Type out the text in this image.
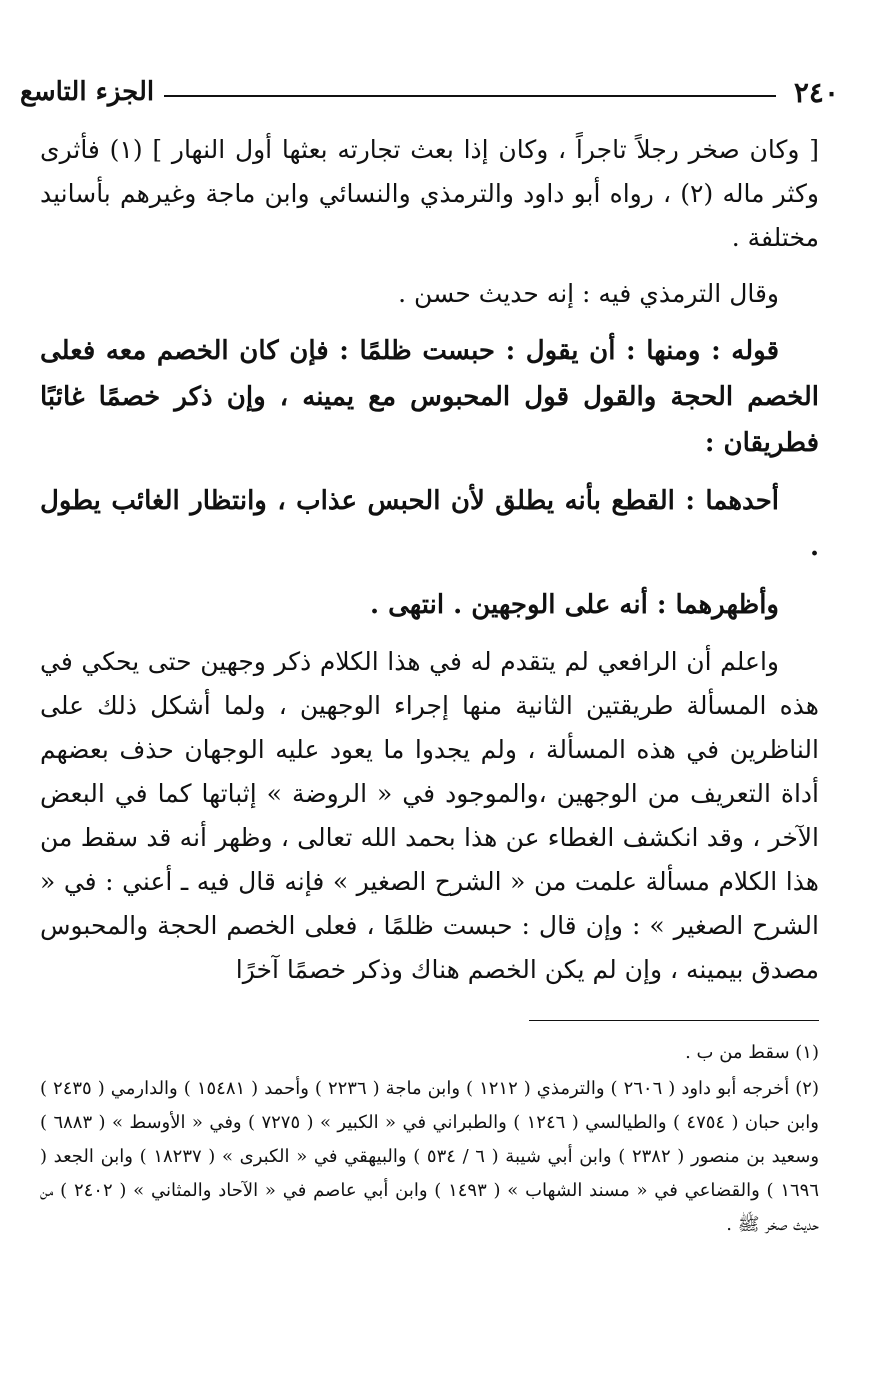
٢٤٠
الجزء التاسع

[ وكان صخر رجلاً تاجراً ، وكان إذا بعث تجارته بعثها أول النهار ] (١) فأثرى وكثر ماله (٢) ، رواه أبو داود والترمذي والنسائي وابن ماجة وغيرهم بأسانيد مختلفة .

وقال الترمذي فيه : إنه حديث حسن .

قوله : ومنها : أن يقول : حبست ظلمًا : فإن كان الخصم معه فعلى الخصم الحجة والقول قول المحبوس مع يمينه ، وإن ذكر خصمًا غائبًا فطريقان :

أحدهما : القطع بأنه يطلق لأن الحبس عذاب ، وانتظار الغائب يطول .

وأظهرهما : أنه على الوجهين . انتهى .

واعلم أن الرافعي لم يتقدم له في هذا الكلام ذكر وجهين حتى يحكي في هذه المسألة طريقتين الثانية منها إجراء الوجهين ، ولما أشكل ذلك على الناظرين في هذه المسألة ، ولم يجدوا ما يعود عليه الوجهان حذف بعضهم أداة التعريف من الوجهين ،والموجود في « الروضة » إثباتها كما في البعض الآخر ، وقد انكشف الغطاء عن هذا بحمد الله تعالى ، وظهر أنه قد سقط من هذا الكلام مسألة علمت من « الشرح الصغير » فإنه قال فيه ـ أعني : في « الشرح الصغير » : وإن قال : حبست ظلمًا ، فعلى الخصم الحجة والمحبوس مصدق بيمينه ، وإن لم يكن الخصم هناك وذكر خصمًا آخرًا

(١) سقط من ب .

(٢) أخرجه أبو داود ( ٢٦٠٦ ) والترمذي ( ١٢١٢ ) وابن ماجة ( ٢٢٣٦ ) وأحمد ( ١٥٤٨١ ) والدارمي ( ٢٤٣٥ ) وابن حبان ( ٤٧٥٤ ) والطيالسي ( ١٢٤٦ ) والطبراني في « الكبير » ( ٧٢٧٥ ) وفي « الأوسط » ( ٦٨٨٣ ) وسعيد بن منصور ( ٢٣٨٢ ) وابن أبي شيبة ( ٦ / ٥٣٤ ) والبيهقي في « الكبرى » ( ١٨٢٣٧ ) وابن الجعد ( ١٦٩٦ ) والقضاعي في « مسند الشهاب » ( ١٤٩٣ ) وابن أبي عاصم في « الآحاد والمثاني » ( ٢٤٠٢ ) من حديث صخر ﷺ .
